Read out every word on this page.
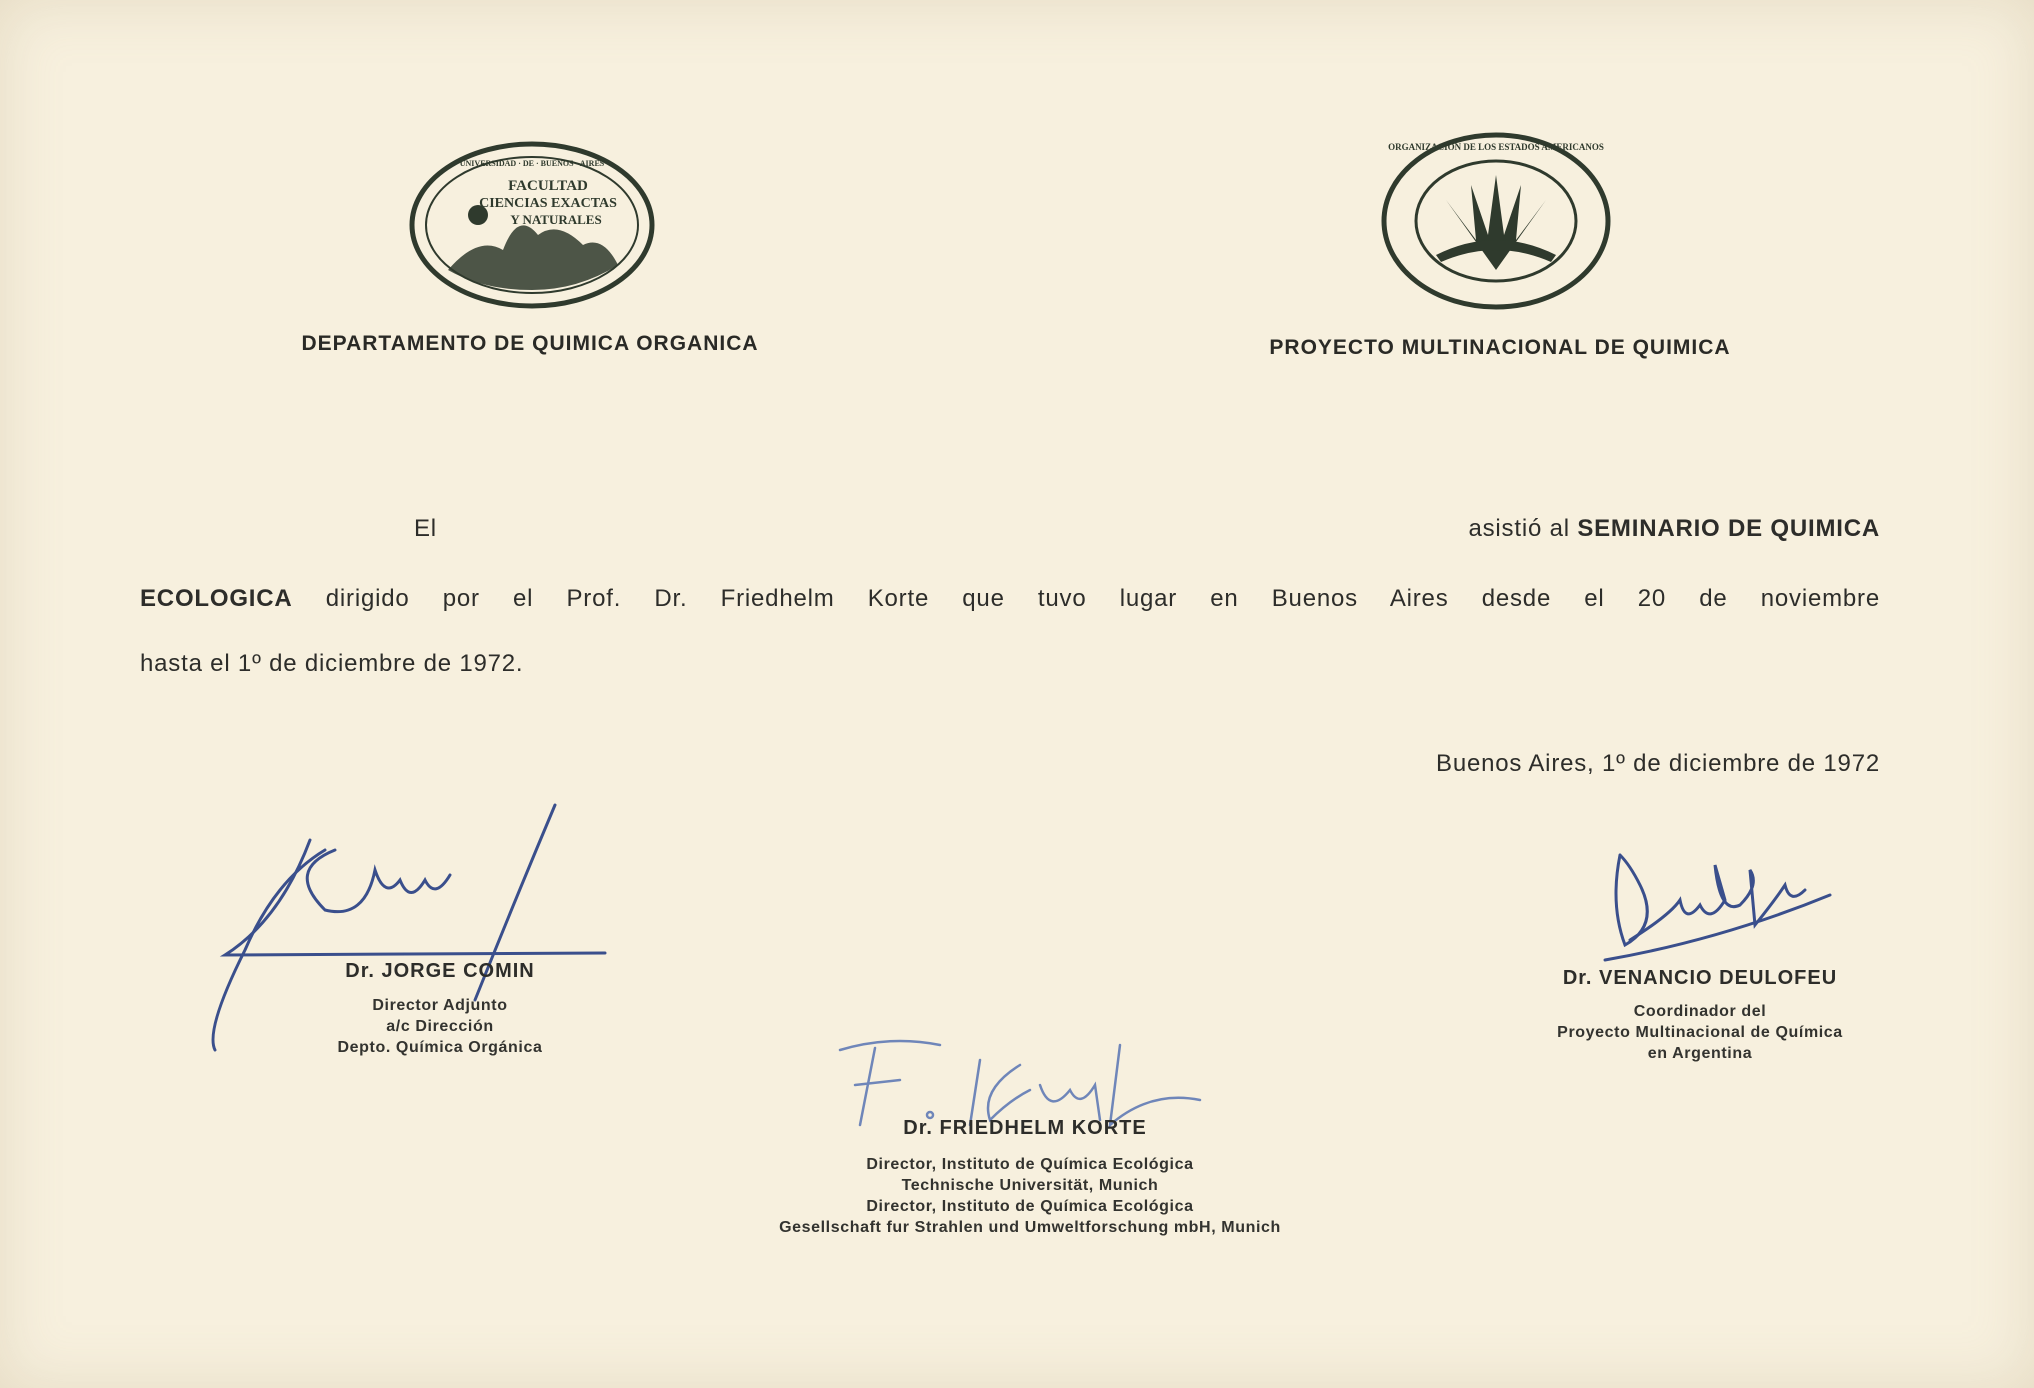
FACULTAD
CIENCIAS EXACTAS
Y NATURALES
UNIVERSIDAD · DE · BUENOS · AIRES
ORGANIZACION DE LOS ESTADOS AMERICANOS
DEPARTAMENTO DE QUIMICA ORGANICA	PROYECTO MULTINACIONAL DE QUIMICA
El	asistió al SEMINARIO DE QUIMICA
ECOLOGICA dirigido por el Prof. Dr. Friedhelm Korte que tuvo lugar en Buenos Aires desde el 20 de noviembre
hasta el 1º de diciembre de 1972.
Buenos Aires, 1º de diciembre de 1972
Dr. JORGE COMIN
Director Adjunto
a/c Dirección
Depto. Química Orgánica
Dr. FRIEDHELM KORTE
Director, Instituto de Química Ecológica
Technische Universität, Munich
Director, Instituto de Química Ecológica
Gesellschaft fur Strahlen und Umweltforschung mbH, Munich
Dr. VENANCIO DEULOFEU
Coordinador del
Proyecto Multinacional de Química
en Argentina
